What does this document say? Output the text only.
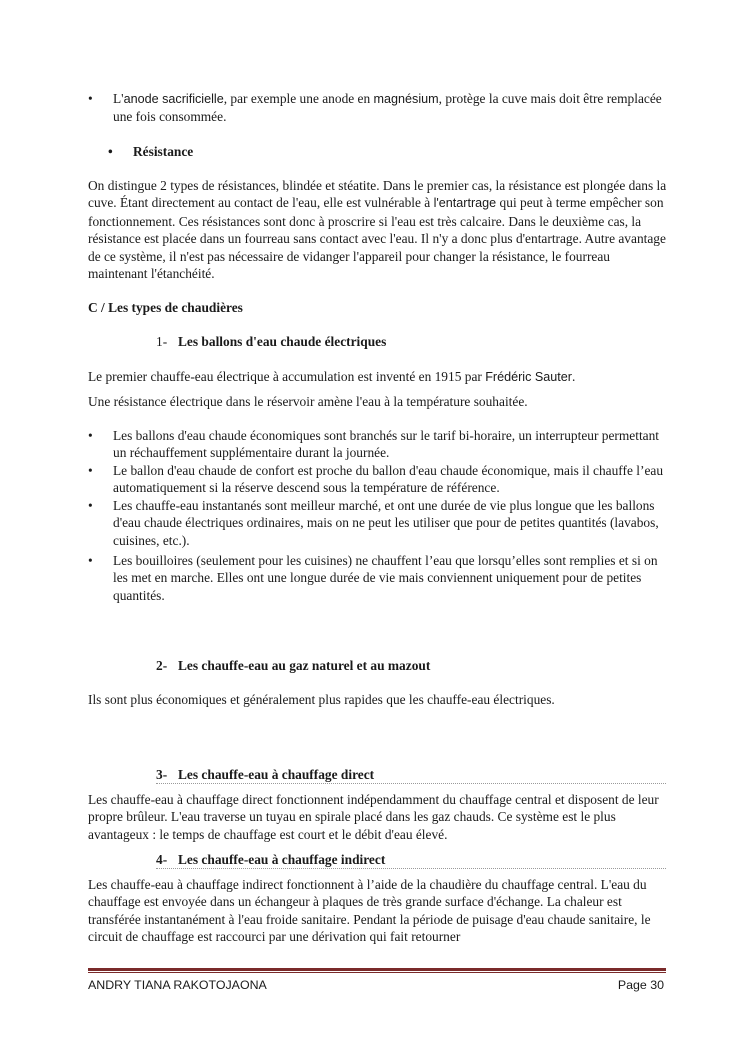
• L'anode sacrificielle, par exemple une anode en magnésium, protège la cuve mais doit être remplacée une fois consommée.
• Résistance

On distingue 2 types de résistances, blindée et stéatite. Dans le premier cas, la résistance est plongée dans la cuve. Étant directement au contact de l'eau, elle est vulnérable à l'entartrage qui peut à terme empêcher son fonctionnement. Ces résistances sont donc à proscrire si l'eau est très calcaire. Dans le deuxième cas, la résistance est placée dans un fourreau sans contact avec l'eau. Il n'y a donc plus d'entartrage. Autre avantage de ce système, il n'est pas nécessaire de vidanger l'appareil pour changer la résistance, le fourreau maintenant l'étanchéité.

C / Les types de chaudières
1- Les ballons d'eau chaude électriques

Le premier chauffe-eau électrique à accumulation est inventé en 1915 par Frédéric Sauter.

Une résistance électrique dans le réservoir amène l'eau à la température souhaitée.

• Les ballons d'eau chaude économiques sont branchés sur le tarif bi-horaire, un interrupteur permettant un réchauffement supplémentaire durant la journée.
• Le ballon d'eau chaude de confort est proche du ballon d'eau chaude économique, mais il chauffe l’eau automatiquement si la réserve descend sous la température de référence.
• Les chauffe-eau instantanés sont meilleur marché, et ont une durée de vie plus longue que les ballons d'eau chaude électriques ordinaires, mais on ne peut les utiliser que pour de petites quantités (lavabos, cuisines, etc.).
• Les bouilloires (seulement pour les cuisines) ne chauffent l’eau que lorsqu’elles sont remplies et si on les met en marche. Elles ont une longue durée de vie mais conviennent uniquement pour de petites quantités.
2- Les chauffe-eau au gaz naturel et au mazout

Ils sont plus économiques et généralement plus rapides que les chauffe-eau électriques.

3- Les chauffe-eau à chauffage direct

Les chauffe-eau à chauffage direct fonctionnent indépendamment du chauffage central et disposent de leur propre brûleur. L'eau traverse un tuyau en spirale placé dans les gaz chauds. Ce système est le plus avantageux : le temps de chauffage est court et le débit d'eau élevé.

4- Les chauffe-eau à chauffage indirect

Les chauffe-eau à chauffage indirect fonctionnent à l’aide de la chaudière du chauffage central. L'eau du chauffage est envoyée dans un échangeur à plaques de très grande surface d'échange. La chaleur est transférée instantanément à l'eau froide sanitaire. Pendant la période de puisage d'eau chaude sanitaire, le circuit de chauffage est raccourci par une dérivation qui fait retourner

ANDRY TIANA RAKOTOJAONA	Page 30
